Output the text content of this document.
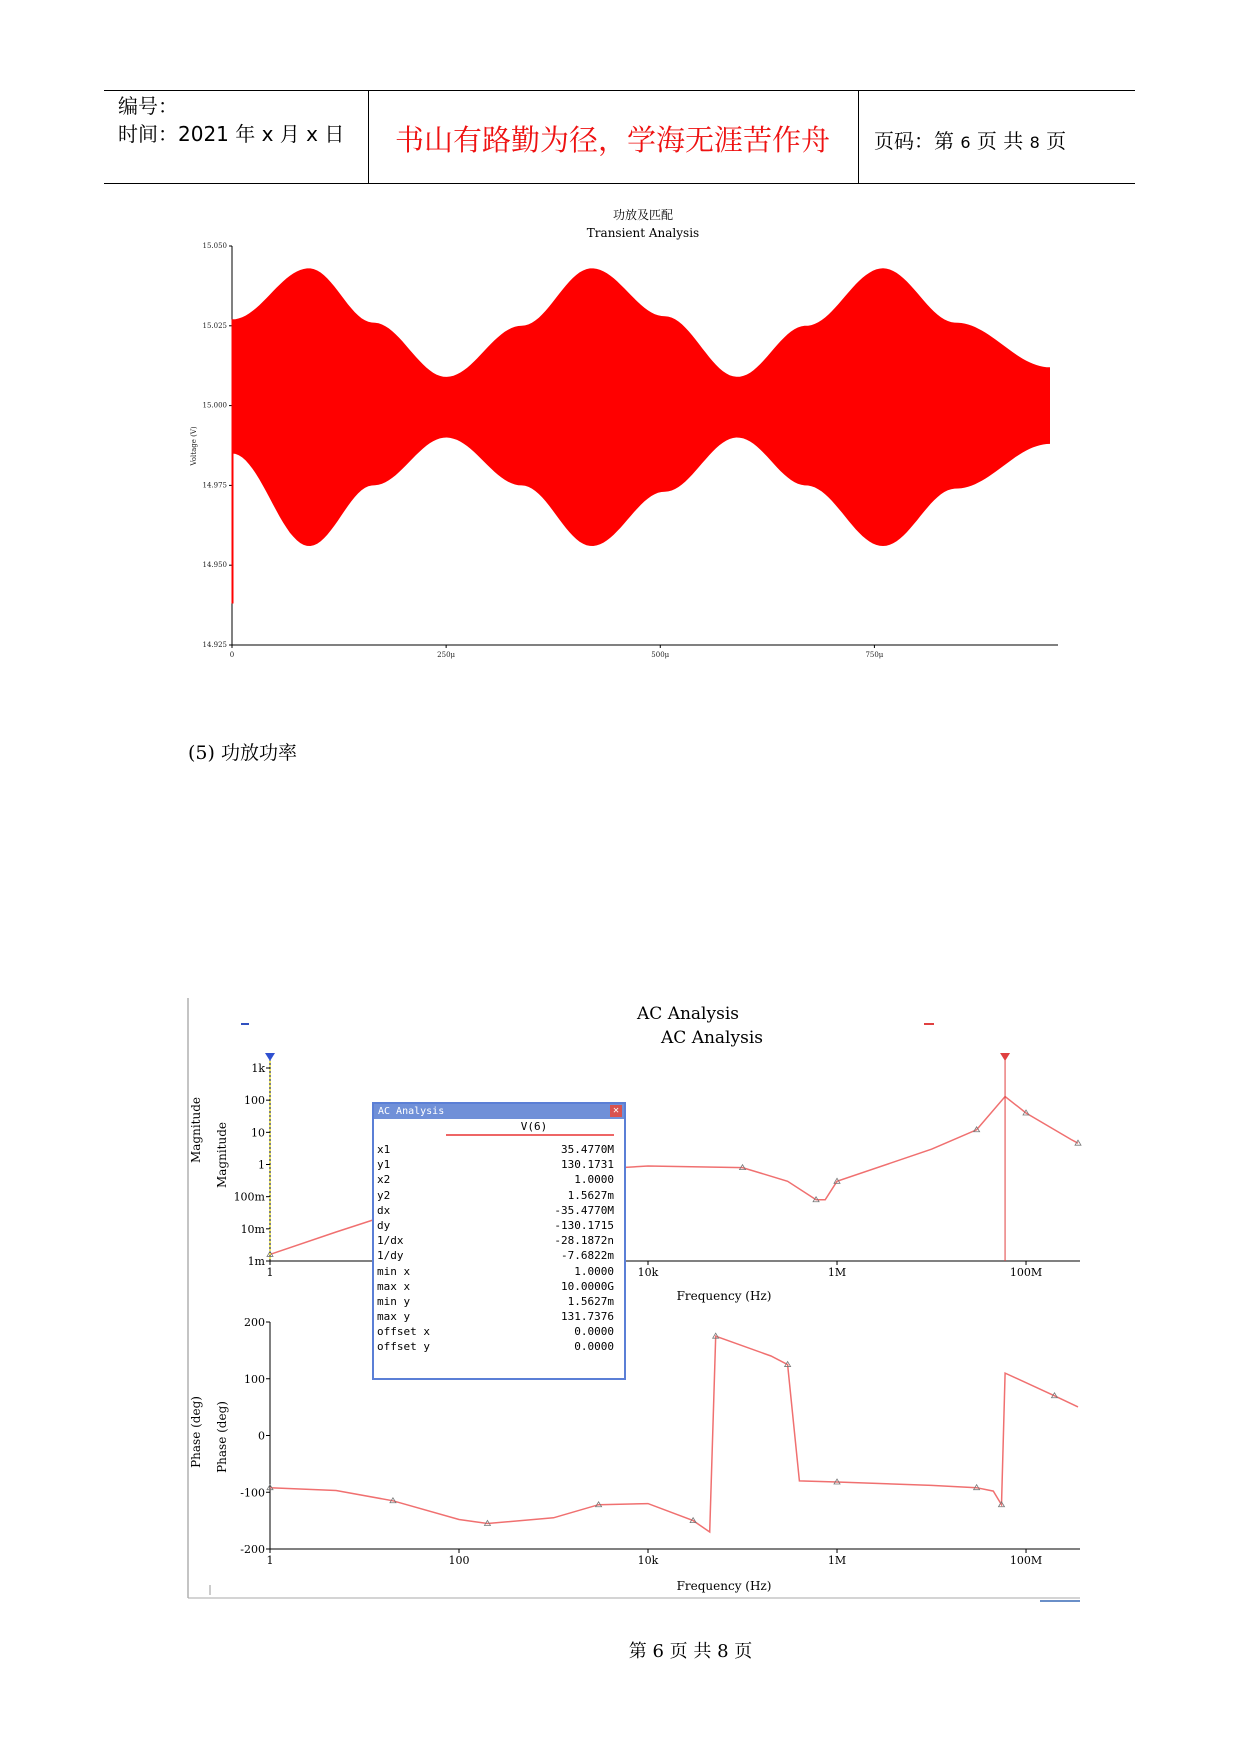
编号：
时间：2021 年 x 月 x 日	书山有路勤为径，学海无涯苦作舟	页码：第 6 页 共 8 页
功放及匹配
Transient Analysis
Voltage (V)
15.050
15.025
15.000
14.975
14.950
14.925
0	250μ	500μ	750μ
AC Analysis
AC Analysis
Magnitude Magnitude
Frequency (Hz)
1k
100
10
1
100m
10m
1m
1	10k	1M	100M
Phase (deg) Phase (deg)
Frequency (Hz)
200
100
0
-100
-200
1	100	10k	1M	100M
(5) 功放功率
AC Analysis	✕
V(6)
x1	35.4770M
y1	130.1731
x2	1.0000
y2	1.5627m
dx	-35.4770M
dy	-130.1715
1/dx	-28.1872n
1/dy	-7.6822m
min x	1.0000
max x	10.0000G
min y	1.5627m
max y	131.7376
offset x	0.0000
offset y	0.0000
第 6 页 共 8 页
